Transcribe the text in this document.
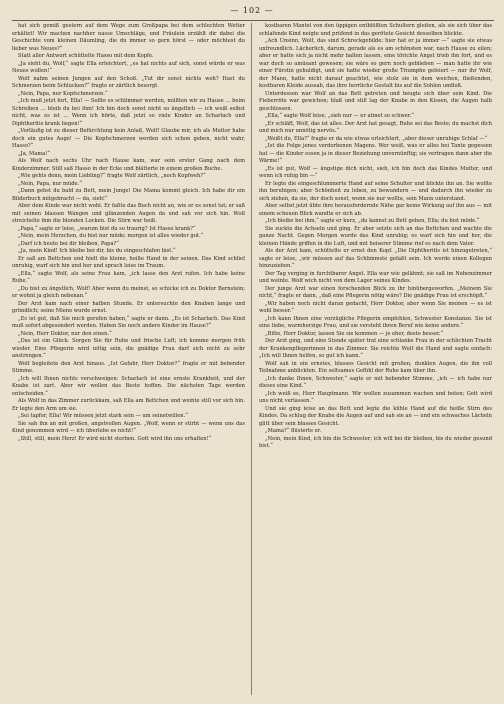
— 102 —

hat sich gemiß gestern auf dem Wege zum Großpapa bei dem schlechten Wetter erkältet! Wir machen nachher nasse Umschläge, und Fräulein erzählt dir dabei die Geschichte vom kleinen Däumling, die du immer so gern hörst — oder möchtest du lieber was Neues?“

Statt aller Antwort schüttelte Hasso mit dem Kopfe.

„Ja sieht du, Wolf,“ sagte Ella erleichtert, „es hat nichts auf sich, sonst würde er was Neues wollen!“

Wolf nahm seinen Jungen auf den Schoß. „Tut dir sonst nichts weh? Hast du Schmerzen beim Schlucken?“ fragte er zärtlich besorgt.

„Nein, Papa, nur Kopfschmerzen.“

„Ich muß jetzt fort, Ella! — Sollte es schlimmer werden, müßten wir zu Hause ... beim Schreiben ... bleib du bei ihm! Ich bin doch sonst nicht so ängstlich — ich weiß selbst nicht, was es ist ... Wenn ich hörte, daß jetzt so viele Kinder an Scharlach und Diphtheritis krank liegen!“

„Vorläufig ist zu dieser Befürchtung kein Anlaß, Wolf! Glaube mir, ich als Mutter habe doch ein gutes Auge! — Die Kopfschmerzen werden sich schon geben, nicht wahr, Hasso?“

„Ja, Mama!“

Als Wolf nach sechs Uhr nach Hause kam, war sein erster Gang nach dem Kinderzimmer. Still saß Hasso in der Ecke und blätterte in einem großen Buche.

„Wie gehts denn, mein Liebling?“ fragte Wolf zärtlich, „noch Kopfweh?“

„Nein, Papa, nur müde.“

„Dann gehst du bald zu Bett, mein Junge! Die Mama kommt gleich. Ich habe dir ein Bilderbuch mitgebracht — da, sieh!“

Aber dem Kinde war nicht wohl. Er faßte das Buch nicht an, wie er es sonst tat; er saß mit seinen blassen Wangen und glänzenden Augen da und sah vor sich hin. Wolf streichelte ihm die blonden Locken. Die Stirn war heiß.

„Papa,“ sagte er leise, „warum bist du so traurig? Ist Hasso krank?“

„Nein, mein Herzchen, du bist nur müde; morgen ist alles wieder gut.“

„Darf ich heute bei dir bleiben, Papa?“

„Ja, mein Kind! Ich bleibe bei dir, bis du eingeschlafen bist.“

Er saß am Bettchen und hielt die kleine, heiße Hand in der seinen. Das Kind schlief unruhig, warf sich hin und her und sprach leise im Traum.

„Ella,“ sagte Wolf, als seine Frau kam, „ich lasse den Arzt rufen. Ich habe keine Ruhe.“

„Du bist zu ängstlich, Wolf! Aber wenn du meinst, so schicke ich zu Doktor Bernstein; er wohnt ja gleich nebenan.“

Der Arzt kam nach einer halben Stunde. Er untersuchte den Knaben lange und gründlich; seine Miene wurde ernst.

„Es ist gut, daß Sie mich gerufen haben,“ sagte er dann. „Es ist Scharlach. Das Kind muß sofort abgesondert werden. Haben Sie noch andere Kinder im Hause?“

„Nein, Herr Doktor, nur den einen.“

„Das ist ein Glück. Sorgen Sie für Ruhe und frische Luft; ich komme morgen früh wieder. Eine Pflegerin wird nötig sein, die gnädige Frau darf sich nicht zu sehr anstrengen.“

Wolf begleitete den Arzt hinaus. „Ist Gefahr, Herr Doktor?“ fragte er mit bebender Stimme.

„Ich will Ihnen nichts verschweigen: Scharlach ist eine ernste Krankheit, und der Knabe ist zart. Aber wir wollen das Beste hoffen. Die nächsten Tage werden entscheiden.“

Als Wolf in das Zimmer zurückkam, saß Ella am Bettchen und weinte still vor sich hin. Er legte den Arm um sie.

„Sei tapfer, Ella! Wir müssen jetzt stark sein — um seinetwillen.“

Sie sah ihn an mit großen, angstvollen Augen. „Wolf, wenn er stirbt — wenn uns das Kind genommen wird — ich überlebe es nicht!“

„Still, still, mein Herz! Er wird nicht sterben. Gott wird ihn uns erhalten!“

kostbaren Mantel von den üppigen entblößten Schultern gleiten, als sie sich über das schlafende Kind neigte und prüfend in das gerötete Gesicht desselben blickte.

„Ach Unsinn, Wolf, das sind Schreckgebilde; hier hat er ja immer —“ sagte sie etwas unfreundlich. Lächerlich, darum, gerade als es am schönsten war, nach Hause zu eilen; aber er hatte sich ja nicht mehr halten lassen, eine törichte Angst trieb ihn fort, und es war doch so amüsant gewesen; sie wäre so gern noch geblieben — man hatte ihr wie einer Fürstin gehuldigt, und sie hatte wieder große Triumphe gefeiert — nur ihr Wolf, der Mann, hatte nicht darauf geachtet, wie stolz sie in dem weichen, fließenden, kostbaren Kleide aussah, das ihre herrliche Gestalt bis auf die Sohlen umfloß.

Unterdessen war Wolf an das Bett getreten und beugte sich über sein Kind. Die Fieberröte war gewichen; blaß und still lag der Knabe in den Kissen, die Augen halb geschlossen.

„Ella,“ sagte Wolf leise, „sieh nur — er atmet so schwer.“

„Er schläft, Wolf, das ist alles. Der Arzt hat gesagt, Ruhe sei das Beste; du machst dich und mich nur unnötig nervös.“

„Weißt du, Ella?“ fragte er da wie etwas erleichtert, „aber dieser unruhige Schlaf —“

„Ist die Folge jenes verdorbenen Magens. Wer weiß, was er alles bei Tante gegessen hat — die Kinder essen ja in dieser Beziehung unvernünftig; sie vertragen dann aber die Wärme!“

„Es ist gut, Wolf — ängstige dich nicht, sieh, ich bin doch das Kindes Mutter, und wenn ich ruhig bin —“

Er legte die eingeschlummerte Hand auf seine Schulter und blickte ihn an. Sie wollte ihn beruhigen; aber Schönheit zu leben, zu bewundern — und dadurch ihn wieder zu sich ziehen, da sie, der doch sonst, wenn sie nur wollte, sein Mann unterstand.

Aber selbst jetzt übte ihre herausfordernde Nähe gar keine Wirkung auf ihn aus — mit einem scheuen Blick wandte er sich ab.

„Ich bleibe bei ihm,“ sagte er kurz, „du kannst zu Bett gehen, Ella; du bist müde.“

Sie zuckte die Achseln und ging. Er aber setzte sich an das Bettchen und wachte die ganze Nacht. Gegen Morgen wurde das Kind unruhig; es warf sich hin und her, die kleinen Hände griffen in die Luft, und mit heiserer Stimme rief es nach dem Vater.

Als der Arzt kam, schüttelte er ernst den Kopf. „Die Diphtheritis ist hinzugetreten,“ sagte er leise, „wir müssen auf das Schlimmste gefaßt sein. Ich werde einen Kollegen hinzuziehen.“

Der Tag verging in furchtbarer Angst. Ella war wie gelähmt; sie saß im Nebenzimmer und weinte. Wolf wich nicht von dem Lager seines Kindes.

Der junge Arzt war einen forschenden Blick zu ihr hinübergeworfen. „Meinem Sie nicht,“ fragte er dann, „daß eine Pflegerin nötig wäre? Die gnädige Frau ist erschöpft.“

„Wir haben noch nicht daran gedacht, Herr Doktor, aber wenn Sie meinen — es ist wohl besser.“

„Ich kann Ihnen eine vorzügliche Pflegerin empfehlen, Schwester Konstanze. Sie ist eine liebe, warmherzige Frau, und sie versteht ihren Beruf wie keine andere.“

„Bitte, Herr Doktor, lassen Sie sie kommen — je eher, desto besser.“

Der Arzt ging, und eine Stunde später trat eine schlanke Frau in der schlichten Tracht der Krankenpflegerinnen in das Zimmer. Sie reichte Wolf die Hand und sagte einfach: „Ich will Ihnen helfen, so gut ich kann.“

Wolf sah in ein ernstes, blasses Gesicht mit großen, dunklen Augen, die ihn voll Teilnahme anblickten. Ein seltsames Gefühl der Ruhe kam über ihn.

„Ich danke Ihnen, Schwester,“ sagte er mit bebender Stimme, „ich — ich habe nur dieses eine Kind.“

„Ich weiß es, Herr Hauptmann. Wir wollen zusammen wachen und beten; Gott wird uns nicht verlassen.“

Und sie ging leise an das Bett und legte die kühle Hand auf die heiße Stirn des Kindes. Da schlug der Knabe die Augen auf und sah sie an — und ein schwaches Lächeln glitt über sein blasses Gesicht.

„Mama?“ flüsterte er.

„Nein, mein Kind, ich bin die Schwester; ich will bei dir bleiben, bis du wieder gesund bist.“
